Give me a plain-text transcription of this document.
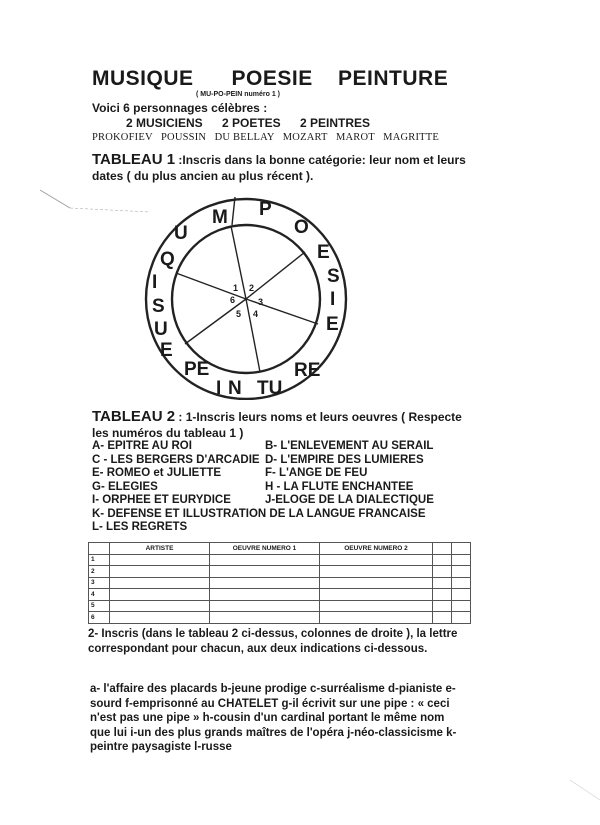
MUSIQUE      POESIE    PEINTURE
( MU-PO-PEIN numéro 1 )
Voici 6 personnages célèbres :
2 MUSICIENS 2 POETES 2 PEINTRES
PROKOFIEV   POUSSIN   DU BELLAY   MOZART   MAROT   MAGRITTE
TABLEAU 1 :Inscris dans la bonne catégorie: leur nom et leurs dates ( du plus ancien au plus récent ).
M P
O
E
S
I
E
RE
TU
N
I
PE
E
U
Q
I
S
U
1 2
3
4
5
6
TABLEAU 2 : 1-Inscris leurs noms et leurs oeuvres ( Respecte les numéros du tableau 1 )
A- EPITRE AU ROI	B- L'ENLEVEMENT AU SERAIL
C - LES BERGERS D'ARCADIE D- L'EMPIRE DES LUMIERES
E- ROMEO et JULIETTE	F- L'ANGE DE FEU
G- ELEGIES	H - LA FLUTE ENCHANTEE
I- ORPHEE ET EURYDICE	J-ELOGE DE LA DIALECTIQUE
K- DEFENSE ET ILLUSTRATION DE LA LANGUE FRANCAISE
L- LES REGRETS
	ARTISTE	OEUVRE NUMERO 1	OEUVRE NUMERO 2		
1					
2					
3					
4					
5					
6					
2- Inscris (dans le tableau 2 ci-dessus, colonnes de droite ), la lettre correspondant pour chacun, aux deux indications ci-dessous.
a- l'affaire des placards b-jeune prodige c-surréalisme d-pianiste e-sourd f-emprisonné au CHATELET g-il écrivit sur une pipe : « ceci n'est pas une pipe » h-cousin d'un cardinal portant le même nom que lui i-un des plus grands maîtres de l'opéra j-néo-classicisme k-peintre paysagiste l-russe
